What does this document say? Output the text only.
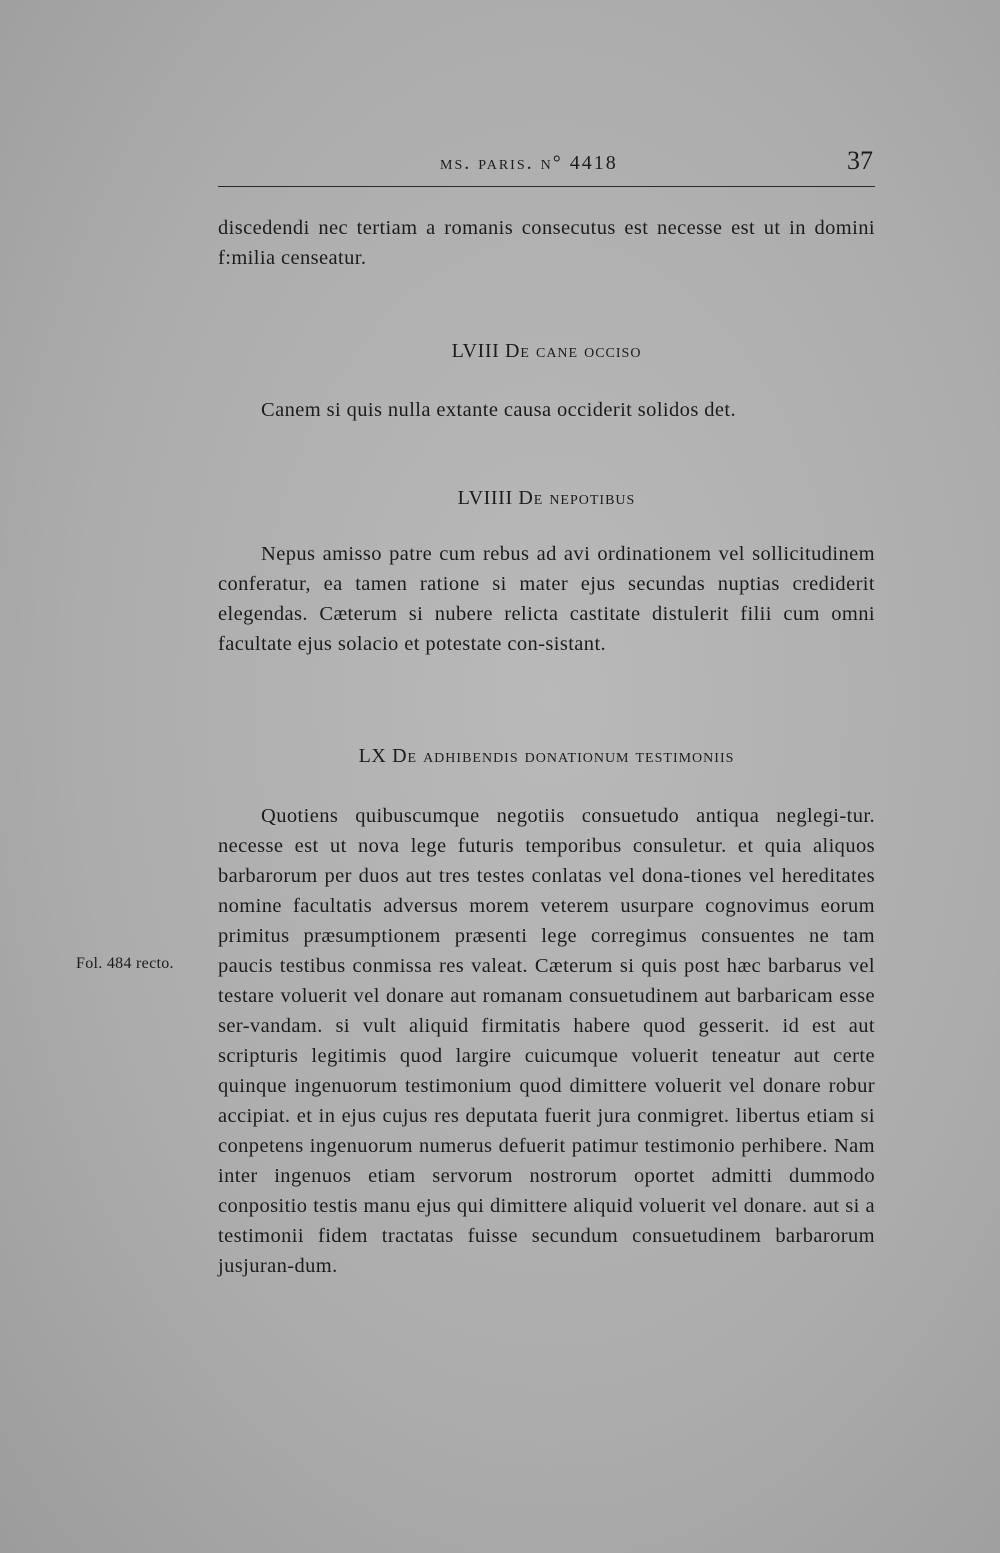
ms. paris. n° 4418	37

discedendi nec tertiam a romanis consecutus est necesse est ut in domini f:milia censeatur.

LVIII De cane occiso

Canem si quis nulla extante causa occiderit solidos det.

LVIIII De nepotibus

Nepus amisso patre cum rebus ad avi ordinationem vel sollicitudinem conferatur, ea tamen ratione si mater ejus secundas nuptias crediderit elegendas. Cæterum si nubere relicta castitate distulerit filii cum omni facultate ejus solacio et potestate con-sistant.

LX De adhibendis donationum testimoniis

Quotiens quibuscumque negotiis consuetudo antiqua neglegi-tur. necesse est ut nova lege futuris temporibus consuletur. et quia aliquos barbarorum per duos aut tres testes conlatas vel dona-tiones vel hereditates nomine facultatis adversus morem veterem usurpare cognovimus eorum primitus præsumptionem præsenti lege corregimus consuentes ne tam paucis testibus conmissa res valeat. Cæterum si quis post hæc barbarus vel testare voluerit vel donare aut romanam consuetudinem aut barbaricam esse ser-vandam. si vult aliquid firmitatis habere quod gesserit. id est aut scripturis legitimis quod largire cuicumque voluerit teneatur aut certe quinque ingenuorum testimonium quod dimittere voluerit vel donare robur accipiat. et in ejus cujus res deputata fuerit jura conmigret. libertus etiam si conpetens ingenuorum numerus defuerit patimur testimonio perhibere. Nam inter ingenuos etiam servorum nostrorum oportet admitti dummodo conpositio testis manu ejus qui dimittere aliquid voluerit vel donare. aut si a testimonii fidem tractatas fuisse secundum consuetudinem barbarorum jusjuran-dum.

Fol. 484 recto.
